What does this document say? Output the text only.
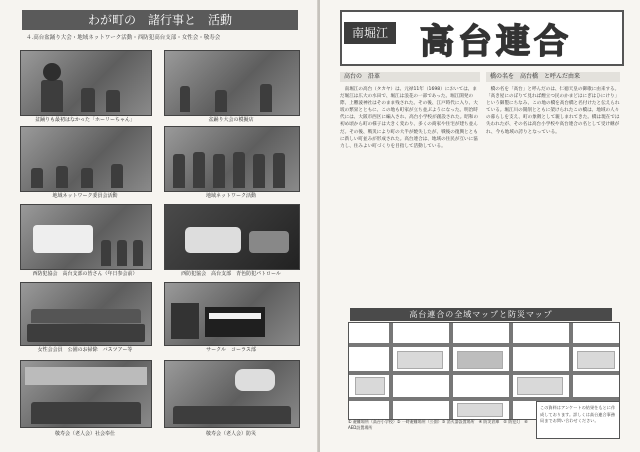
わが町の　諸行事と　活動
４.高台盆踊り大会・地域ネットワーク活動・西防犯高台支部・女性会・敬寿会
盆踊りも最初はなかった「ホーリーちゃん」	盆踊り大会の模擬店
地域ネットワーク委員会活動	地域ネットワーク活動
西防犯協会　高台支部の皆さん（年日参会前）	西防犯協会　高台支部　青色防犯パトロール
女性会会員　公園のお掃除　バスツアー等	サークル　コーラス部
敬寿会（老人会）社会奉仕	敬寿会（老人会）防災
南堀江 高台連合
高台の　沿革
　南堀江の高台（タカヤ）は、元禄11年（1698）においては、まだ堀江は広大の水田で、堀江は浪花の一部であった。堀江開発の際、上難波神社はそのまま残された。その後、江戸時代に入り、大坂の繁栄とともに、この地も町家が立ち並ぶようになった。明治時代には、大阪市西区に編入され、高台小学校が創設された。昭和の初め頃から町の様子は大きく変わり、多くの商家や住宅が建ち並んだ。その後、戦災により町の大半が焼失したが、戦後の復興とともに新しい町並みが形成された。高台連合は、地域の住民が互いに協力し、住みよい町づくりを目指して活動している。
橋の名を　高台橋　と呼んだ由来
　橋の名を「高台」と呼んだのは、仁徳天皇の御歌に由来する。「高き屋にのぼりて見れば煙立つ民のかまどはにぎはひにけり」という御製にちなみ、この地の橋を高台橋と名付けたと伝えられている。堀江川の開削とともに架けられたこの橋は、地域の人々の暮らしを支え、町の象徴として親しまれてきた。橋は現在では失われたが、その名は高台小学校や高台連合の名として受け継がれ、今も地域の誇りとなっている。
高台連合の全域マップと防災マップ
① 避難場所（高台小学校）② 一時避難場所（公園）③ 消火器設置場所　④ 防災倉庫　⑤ 防犯灯　⑥ AED設置場所
この資料はアンケートの結果をもとに作成しております。詳しくは高台連合事務局までお問い合わせください。
